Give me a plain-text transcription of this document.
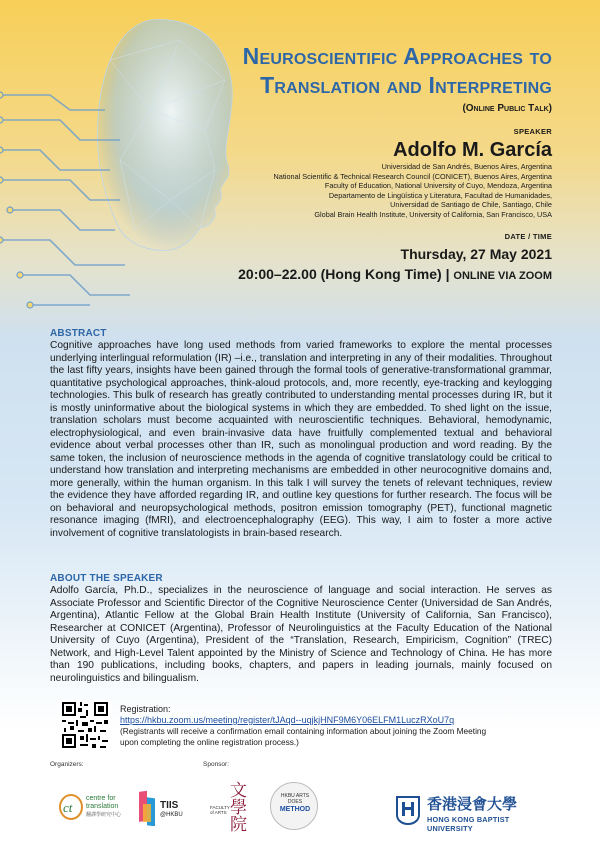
Neuroscientific Approaches to
Translation and Interpreting
(Online Public Talk)
SPEAKER
Adolfo M. García
Universidad de San Andrés, Buenos Aires, Argentina
National Scientific & Technical Research Council (CONICET), Buenos Aires, Argentina
Faculty of Education, National University of Cuyo, Mendoza, Argentina
Departamento de Lingüística y Literatura, Facultad de Humanidades,
Universidad de Santiago de Chile, Santiago, Chile
Global Brain Health Institute, University of California, San Francisco, USA
DATE / TIME
Thursday, 27 May 2021
20:00–22.00 (Hong Kong Time) | ONLINE VIA ZOOM
ABSTRACT
Cognitive approaches have long used methods from varied frameworks to explore the mental processes underlying interlingual reformulation (IR) –i.e., translation and interpreting in any of their modalities. Throughout the last fifty years, insights have been gained through the formal tools of generative-transformational grammar, quantitative psychological approaches, think-aloud protocols, and, more recently, eye-tracking and keylogging technologies. This bulk of research has greatly contributed to understanding mental processes during IR, but it is mostly uninformative about the biological systems in which they are embedded. To shed light on the issue, translation scholars must become acquainted with neuroscientific techniques. Behavioral, hemodynamic, electrophysiological, and even brain-invasive data have fruitfully complemented textual and behavioral evidence about verbal processes other than IR, such as monolingual production and word reading. By the same token, the inclusion of neuroscience methods in the agenda of cognitive translatology could be critical to understand how translation and interpreting mechanisms are embedded in other neurocognitive domains and, more generally, within the human organism. In this talk I will survey the tenets of relevant techniques, review the evidence they have afforded regarding IR, and outline key questions for further research. The focus will be on behavioral and neuropsychological methods, positron emission tomography (PET), functional magnetic resonance imaging (fMRI), and electroencephalography (EEG). This way, I aim to foster a more active involvement of cognitive translatologists in brain-based research.
ABOUT THE SPEAKER
Adolfo García, Ph.D., specializes in the neuroscience of language and social interaction. He serves as Associate Professor and Scientific Director of the Cognitive Neuroscience Center (Universidad de San Andrés, Argentina), Atlantic Fellow at the Global Brain Health Institute (University of California, San Francisco), Researcher at CONICET (Argentina), Professor of Neurolinguistics at the Faculty Education of the National University of Cuyo (Argentina), President of the “Translation, Research, Empiricism, Cognition” (TREC) Network, and High-Level Talent appointed by the Ministry of Science and Technology of China. He has more than 190 publications, including books, chapters, and papers in leading journals, mainly focused on neurolinguistics and bilingualism.
Registration:
https://hkbu.zoom.us/meeting/register/tJAqd--uqjkjHNF9M6Y06ELFM1LuczRXoU7q
(Registrants will receive a confirmation email containing information about joining the Zoom Meeting
upon completing the online registration process.)
Organizers:	Sponsor:
ct
centre for
translation
翻譯學研究中心
TIIS
@HKBU
文學院
FACULTY of ARTS
HKBU ARTS
DOES
METHOD	香港浸會大學
HONG KONG BAPTIST UNIVERSITY
